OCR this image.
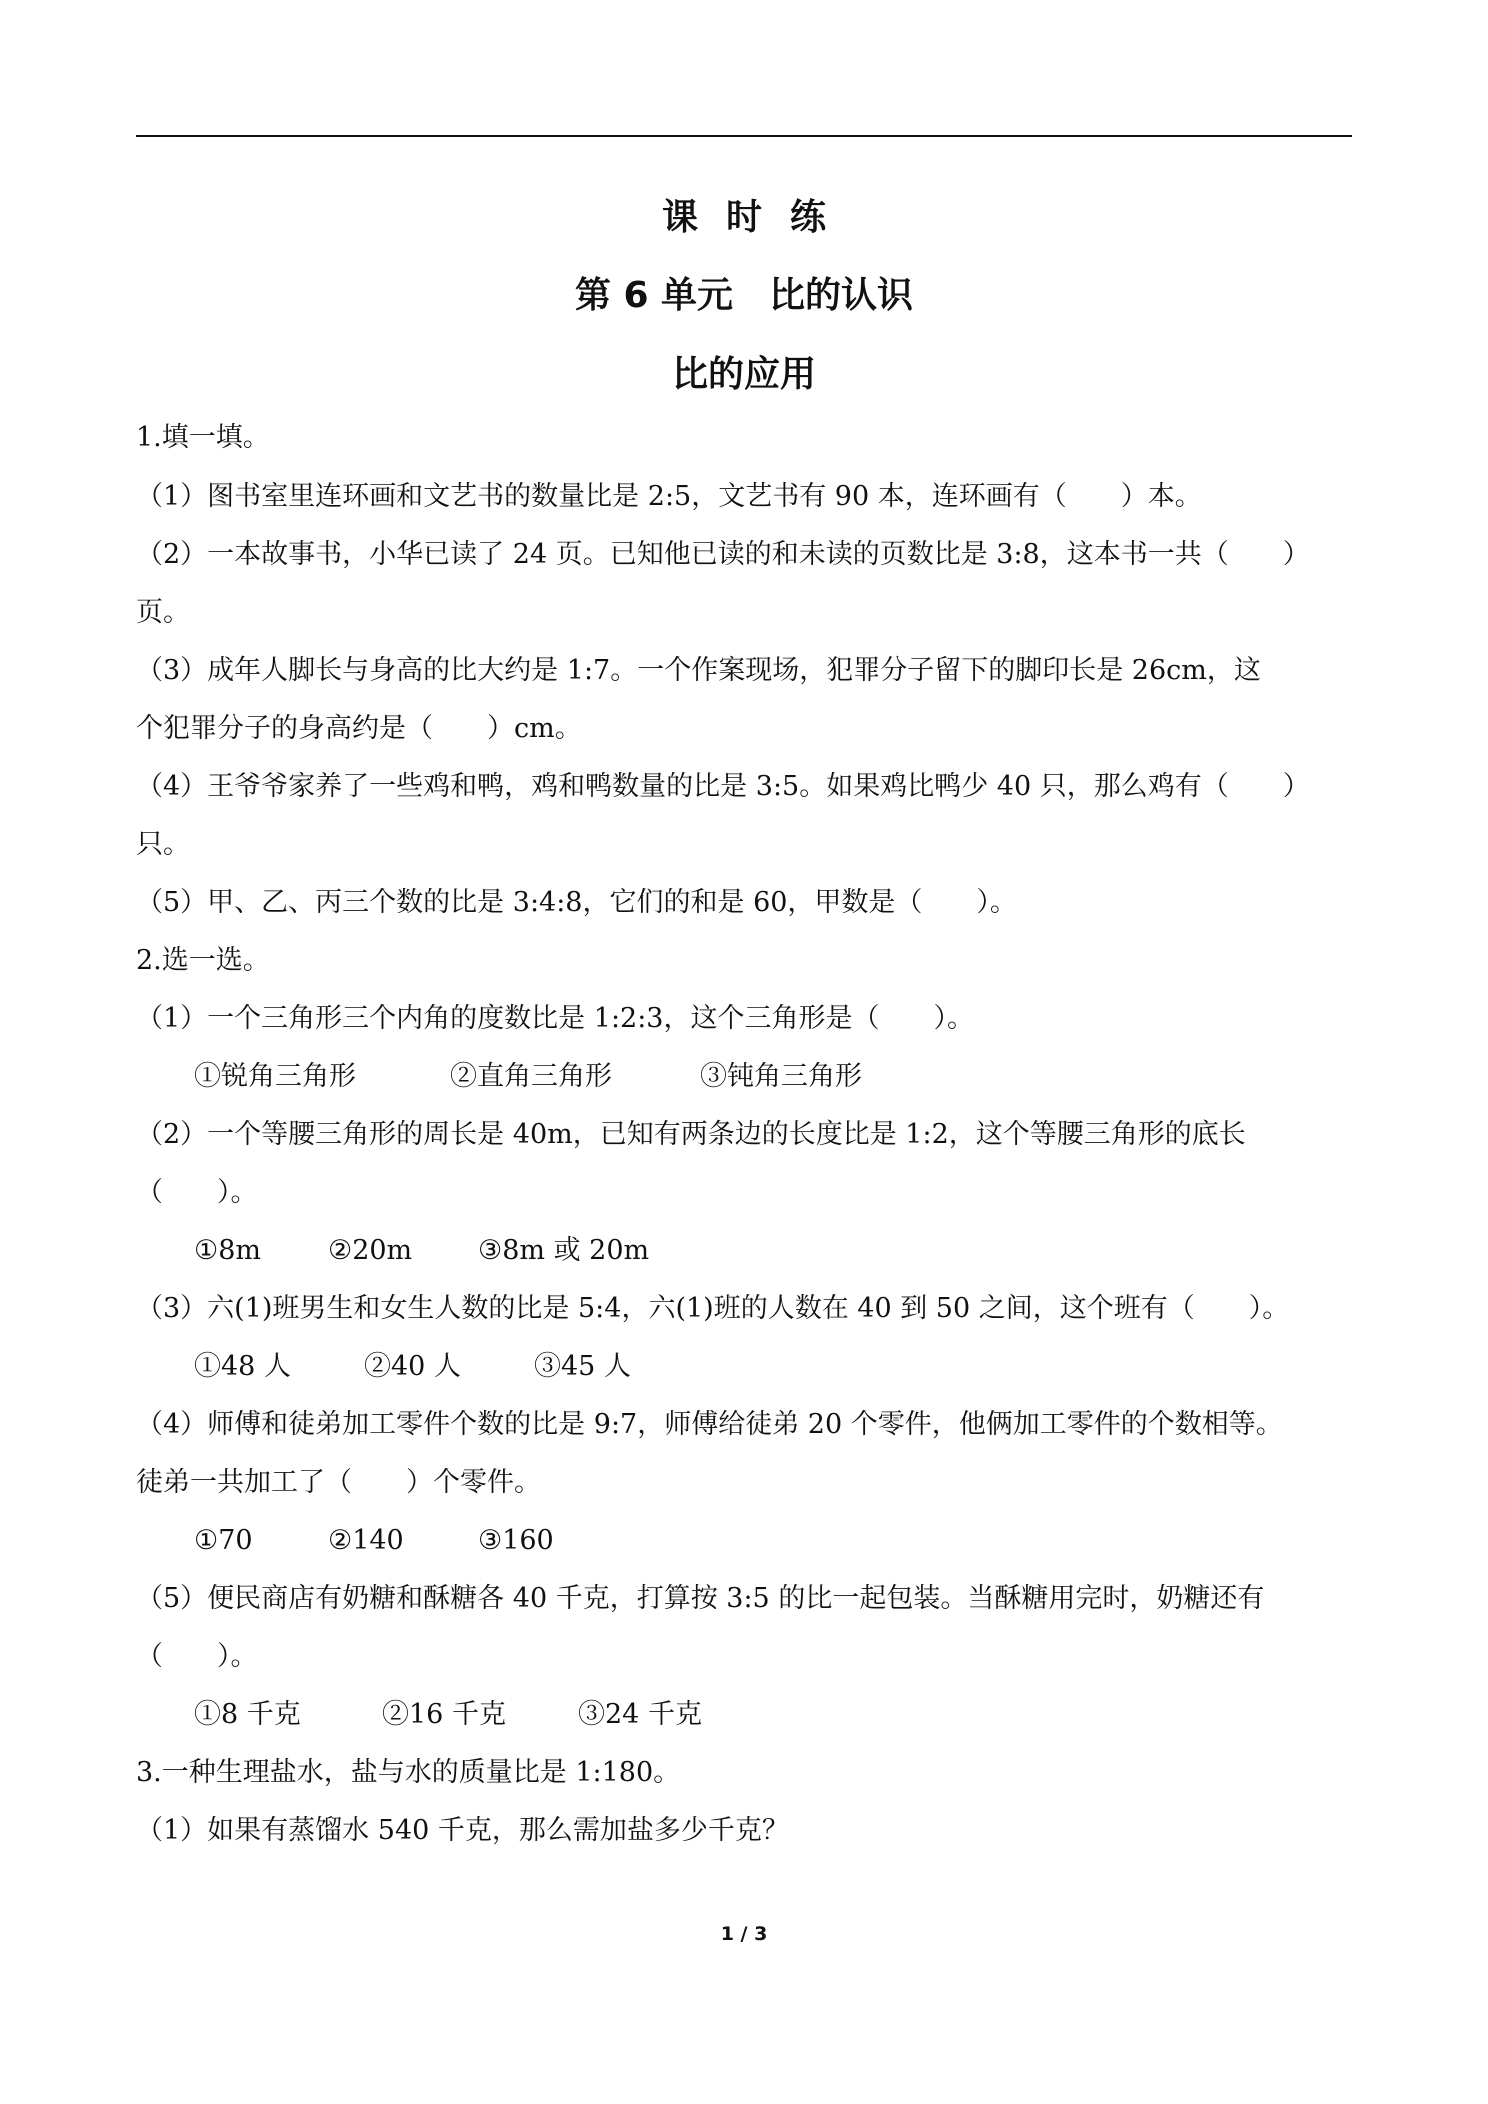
课时练
第 6 单元　比的认识
比的应用
1.填一填。
（1）图书室里连环画和文艺书的数量比是 2:5，文艺书有 90 本，连环画有（　　）本。
（2）一本故事书，小华已读了 24 页。已知他已读的和未读的页数比是 3:8，这本书一共（　　）
页。
（3）成年人脚长与身高的比大约是 1:7。一个作案现场，犯罪分子留下的脚印长是 26cm，这
个犯罪分子的身高约是（　　）cm。
（4）王爷爷家养了一些鸡和鸭，鸡和鸭数量的比是 3:5。如果鸡比鸭少 40 只，那么鸡有（　　）
只。
（5）甲、乙、丙三个数的比是 3:4:8，它们的和是 60，甲数是（　　）。
2.选一选。
（1）一个三角形三个内角的度数比是 1:2:3，这个三角形是（　　）。
①锐角三角形	②直角三角形	③钝角三角形
（2）一个等腰三角形的周长是 40m，已知有两条边的长度比是 1:2，这个等腰三角形的底长
（　　）。
①8m ②20m ③8m 或 20m
（3）六(1)班男生和女生人数的比是 5:4，六(1)班的人数在 40 到 50 之间，这个班有（　　）。
①48 人	②40 人	③45 人
（4）师傅和徒弟加工零件个数的比是 9:7，师傅给徒弟 20 个零件，他俩加工零件的个数相等。
徒弟一共加工了（　　）个零件。
①70	②140	③160
（5）便民商店有奶糖和酥糖各 40 千克，打算按 3:5 的比一起包装。当酥糖用完时，奶糖还有
（　　）。
①8 千克	②16 千克	③24 千克
3.一种生理盐水，盐与水的质量比是 1:180。
（1）如果有蒸馏水 540 千克，那么需加盐多少千克？
1 / 3
